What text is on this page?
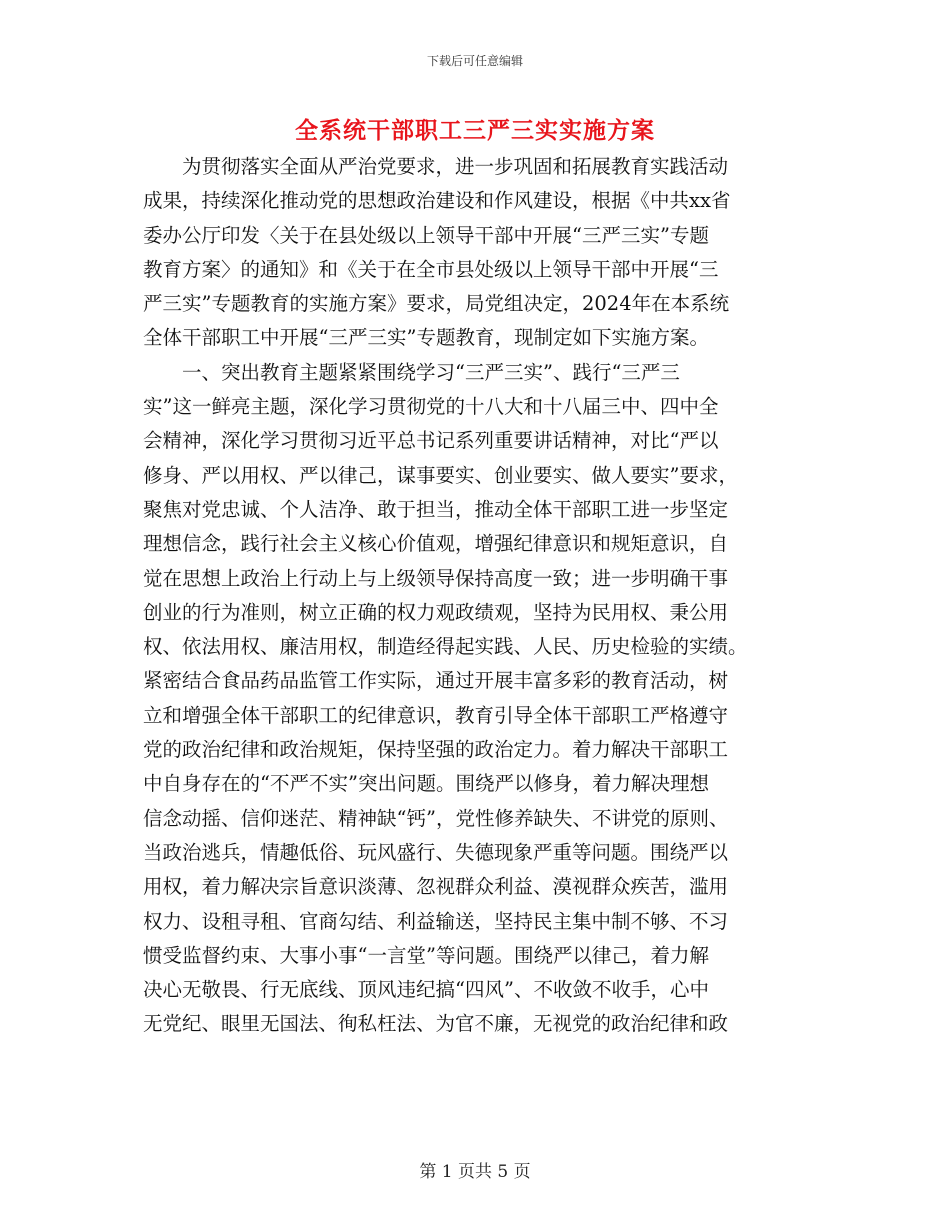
下载后可任意编辑
全系统干部职工三严三实实施方案
　　为贯彻落实全面从严治党要求，进一步巩固和拓展教育实践活动
成果，持续深化推动党的思想政治建设和作风建设，根据《中共xx省
委办公厅印发〈关于在县处级以上领导干部中开展“三严三实”专题
教育方案〉的通知》和《关于在全市县处级以上领导干部中开展“三
严三实”专题教育的实施方案》要求，局党组决定，2024年在本系统
全体干部职工中开展“三严三实”专题教育，现制定如下实施方案。
　　一、突出教育主题紧紧围绕学习“三严三实”、践行“三严三
实”这一鲜亮主题，深化学习贯彻党的十八大和十八届三中、四中全
会精神，深化学习贯彻习近平总书记系列重要讲话精神，对比“严以
修身、严以用权、严以律己，谋事要实、创业要实、做人要实”要求，
聚焦对党忠诚、个人洁净、敢于担当，推动全体干部职工进一步坚定
理想信念，践行社会主义核心价值观，增强纪律意识和规矩意识，自
觉在思想上政治上行动上与上级领导保持高度一致；进一步明确干事
创业的行为准则，树立正确的权力观政绩观，坚持为民用权、秉公用
权、依法用权、廉洁用权，制造经得起实践、人民、历史检验的实绩。
紧密结合食品药品监管工作实际，通过开展丰富多彩的教育活动，树
立和增强全体干部职工的纪律意识，教育引导全体干部职工严格遵守
党的政治纪律和政治规矩，保持坚强的政治定力。着力解决干部职工
中自身存在的“不严不实”突出问题。围绕严以修身，着力解决理想
信念动摇、信仰迷茫、精神缺“钙”，党性修养缺失、不讲党的原则、
当政治逃兵，情趣低俗、玩风盛行、失德现象严重等问题。围绕严以
用权，着力解决宗旨意识淡薄、忽视群众利益、漠视群众疾苦，滥用
权力、设租寻租、官商勾结、利益输送，坚持民主集中制不够、不习
惯受监督约束、大事小事“一言堂”等问题。围绕严以律己，着力解
决心无敬畏、行无底线、顶风违纪搞“四风”、不收敛不收手，心中
无党纪、眼里无国法、徇私枉法、为官不廉，无视党的政治纪律和政
第 1 页共 5 页
